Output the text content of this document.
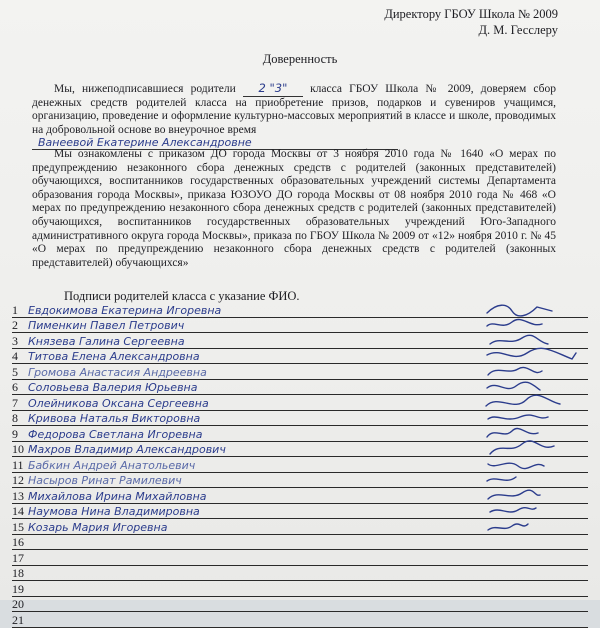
Директору ГБОУ Школа № 2009
Д. М. Гесслеру
Доверенность
Мы, нижеподписавшиеся родители 2 "3" класса ГБОУ Школа № 2009, доверяем сбор денежных средств родителей класса на приобретение призов, подарков и сувениров учащимся, организацию, проведение и оформление культурно-массовых мероприятий в классе и школе, проводимых на добровольной основе во внеурочное время
Ванеевой Екатерине Александровне
Мы ознакомлены с приказом ДО города Москвы от 3 ноября 2010 года № 1640 «О мерах по предупреждению незаконного сбора денежных средств с родителей (законных представителей) обучающихся, воспитанников государственных образовательных учреждений системы Департамента образования города Москвы», приказа ЮЗОУО ДО города Москвы от 08 ноября 2010 года № 468 «О мерах по предупреждению незаконного сбора денежных средств с родителей (законных представителей) обучающихся, воспитанников государственных образовательных учреждений Юго-Западного административного округа города Москвы», приказа по ГБОУ Школа № 2009 от «12» ноября 2010 г. № 45 «О мерах по предупреждению незаконного сбора денежных средств с родителей (законных представителей) обучающихся»
Подписи родителей класса с указание ФИО.
1 Евдокимова Екатерина Игоревна
2 Пименкин Павел Петрович
3 Князева Галина Сергеевна
4 Титова Елена Александровна
5 Громова Анастасия Андреевна
6 Соловьева Валерия Юрьевна
7 Олейникова Оксана Сергеевна
8 Кривова Наталья Викторовна
9 Федорова Светлана Игоревна
10 Махров Владимир Александрович
11 Бабкин Андрей Анатольевич
12 Насыров Ринат Рамилевич
13 Михайлова Ирина Михайловна
14 Наумова Нина Владимировна
15 Козарь Мария Игоревна
16
17
18
19
20
21
